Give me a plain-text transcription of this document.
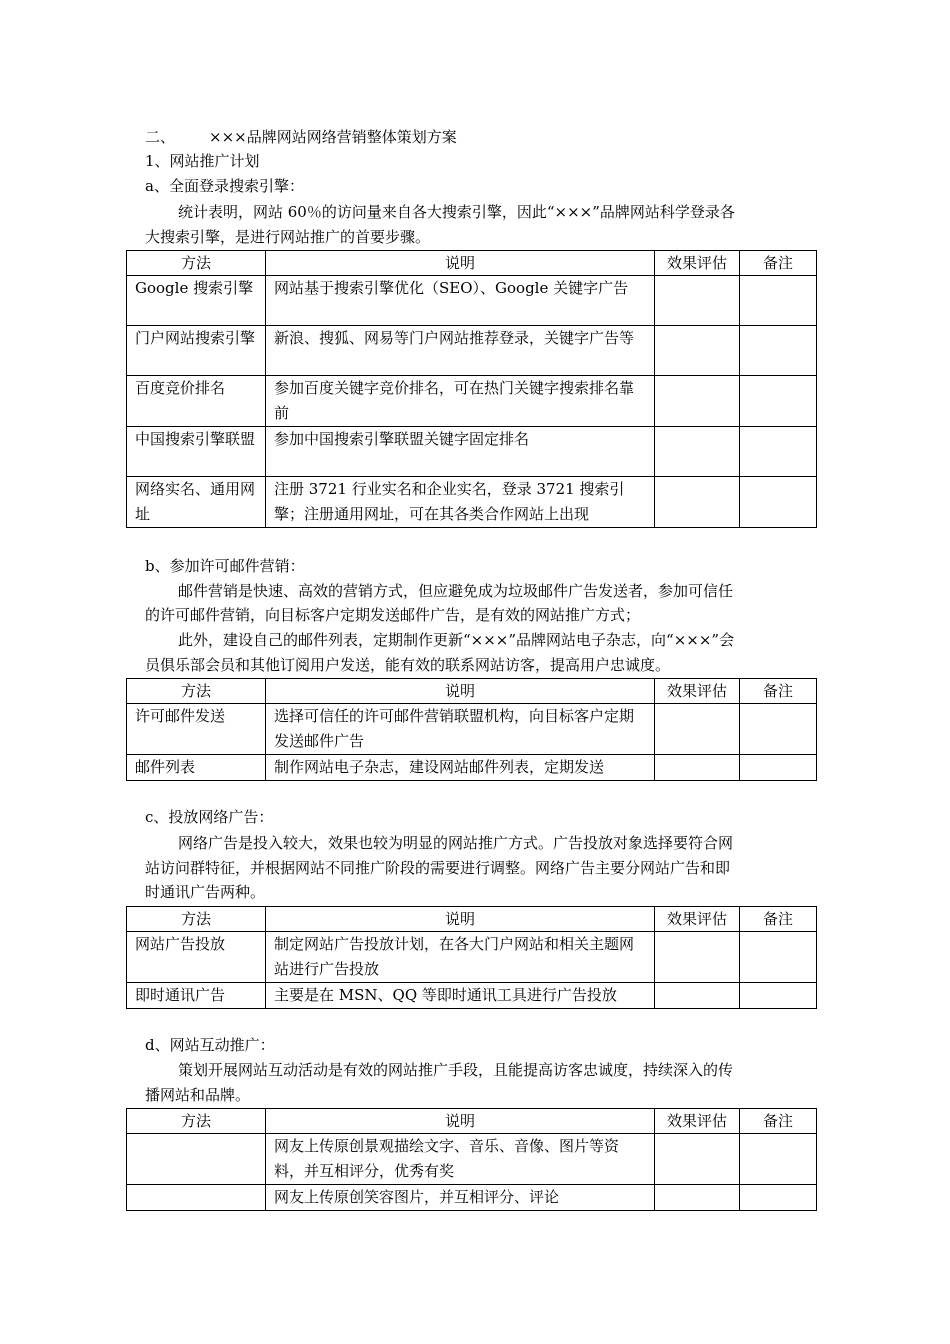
二、 ×××品牌网站网络营销整体策划方案
1、网站推广计划
a、全面登录搜索引擎：
统计表明，网站 60％的访问量来自各大搜索引擎，因此“×××”品牌网站科学登录各
大搜索引擎，是进行网站推广的首要步骤。
方法	说明	效果评估	备注
Google 搜索引擎	网站基于搜索引擎优化（SEO）、Google 关键字广告		
门户网站搜索引擎	新浪、搜狐、网易等门户网站推荐登录，关键字广告等		
百度竞价排名	参加百度关键字竞价排名，可在热门关键字搜索排名靠前		
中国搜索引擎联盟	参加中国搜索引擎联盟关键字固定排名		
网络实名、通用网址	注册 3721 行业实名和企业实名，登录 3721 搜索引擎；注册通用网址，可在其各类合作网站上出现		
b、参加许可邮件营销：
邮件营销是快速、高效的营销方式，但应避免成为垃圾邮件广告发送者，参加可信任
的许可邮件营销，向目标客户定期发送邮件广告，是有效的网站推广方式；
此外，建设自己的邮件列表，定期制作更新“×××”品牌网站电子杂志，向“×××”会
员俱乐部会员和其他订阅用户发送，能有效的联系网站访客，提高用户忠诚度。
方法	说明	效果评估	备注
许可邮件发送	选择可信任的许可邮件营销联盟机构，向目标客户定期发送邮件广告		
邮件列表	制作网站电子杂志，建设网站邮件列表，定期发送		
c、投放网络广告：
网络广告是投入较大，效果也较为明显的网站推广方式。广告投放对象选择要符合网
站访问群特征，并根据网站不同推广阶段的需要进行调整。网络广告主要分网站广告和即
时通讯广告两种。
方法	说明	效果评估	备注
网站广告投放	制定网站广告投放计划，在各大门户网站和相关主题网站进行广告投放		
即时通讯广告	主要是在 MSN、QQ 等即时通讯工具进行广告投放		
d、网站互动推广：
策划开展网站互动活动是有效的网站推广手段，且能提高访客忠诚度，持续深入的传
播网站和品牌。
方法	说明	效果评估	备注
	网友上传原创景观描绘文字、音乐、音像、图片等资料，并互相评分，优秀有奖		
	网友上传原创笑容图片，并互相评分、评论		
